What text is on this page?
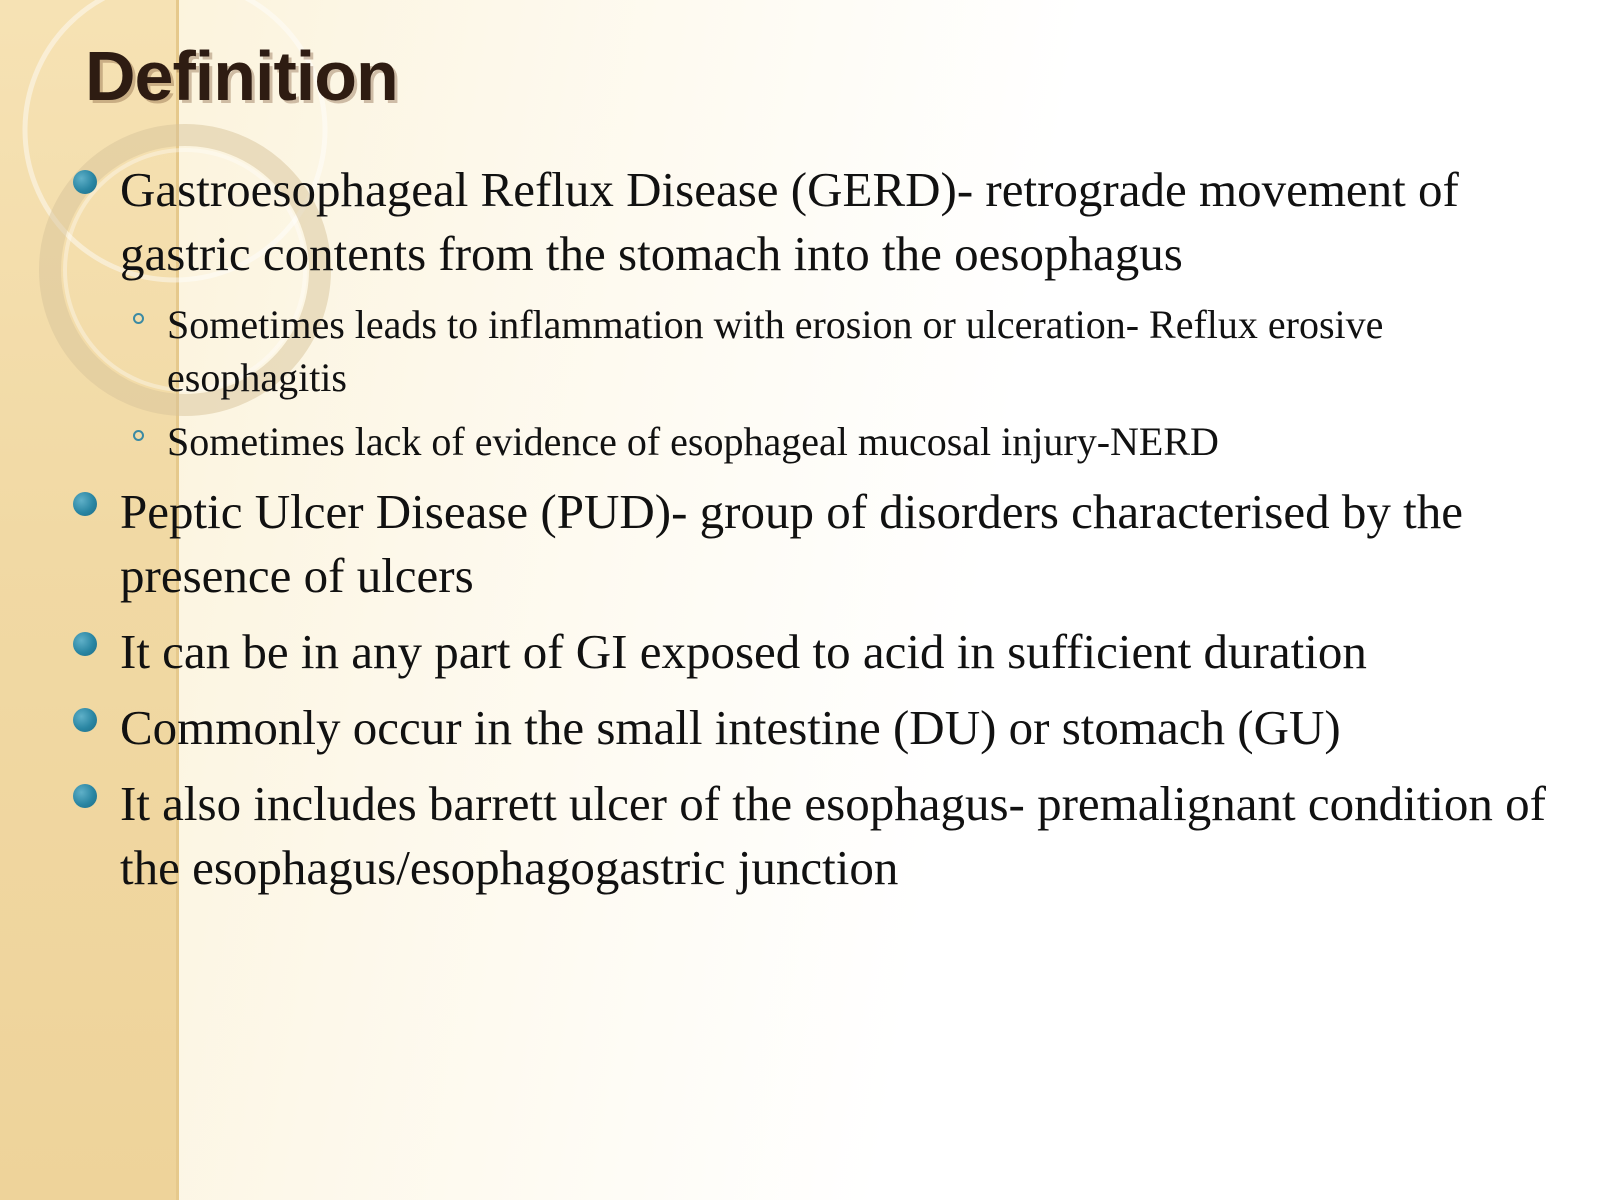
Definition
Gastroesophageal Reflux Disease (GERD)- retrograde movement of gastric contents from the stomach into the oesophagus
Sometimes leads to inflammation with erosion or ulceration- Reflux erosive esophagitis
Sometimes lack of evidence of esophageal mucosal injury-NERD
Peptic Ulcer Disease (PUD)- group of disorders characterised by the presence of ulcers
It can be in any part of GI exposed to acid in sufficient duration
Commonly occur in the small intestine (DU) or stomach (GU)
It also includes barrett ulcer of the esophagus- premalignant condition of the esophagus/esophagogastric junction
